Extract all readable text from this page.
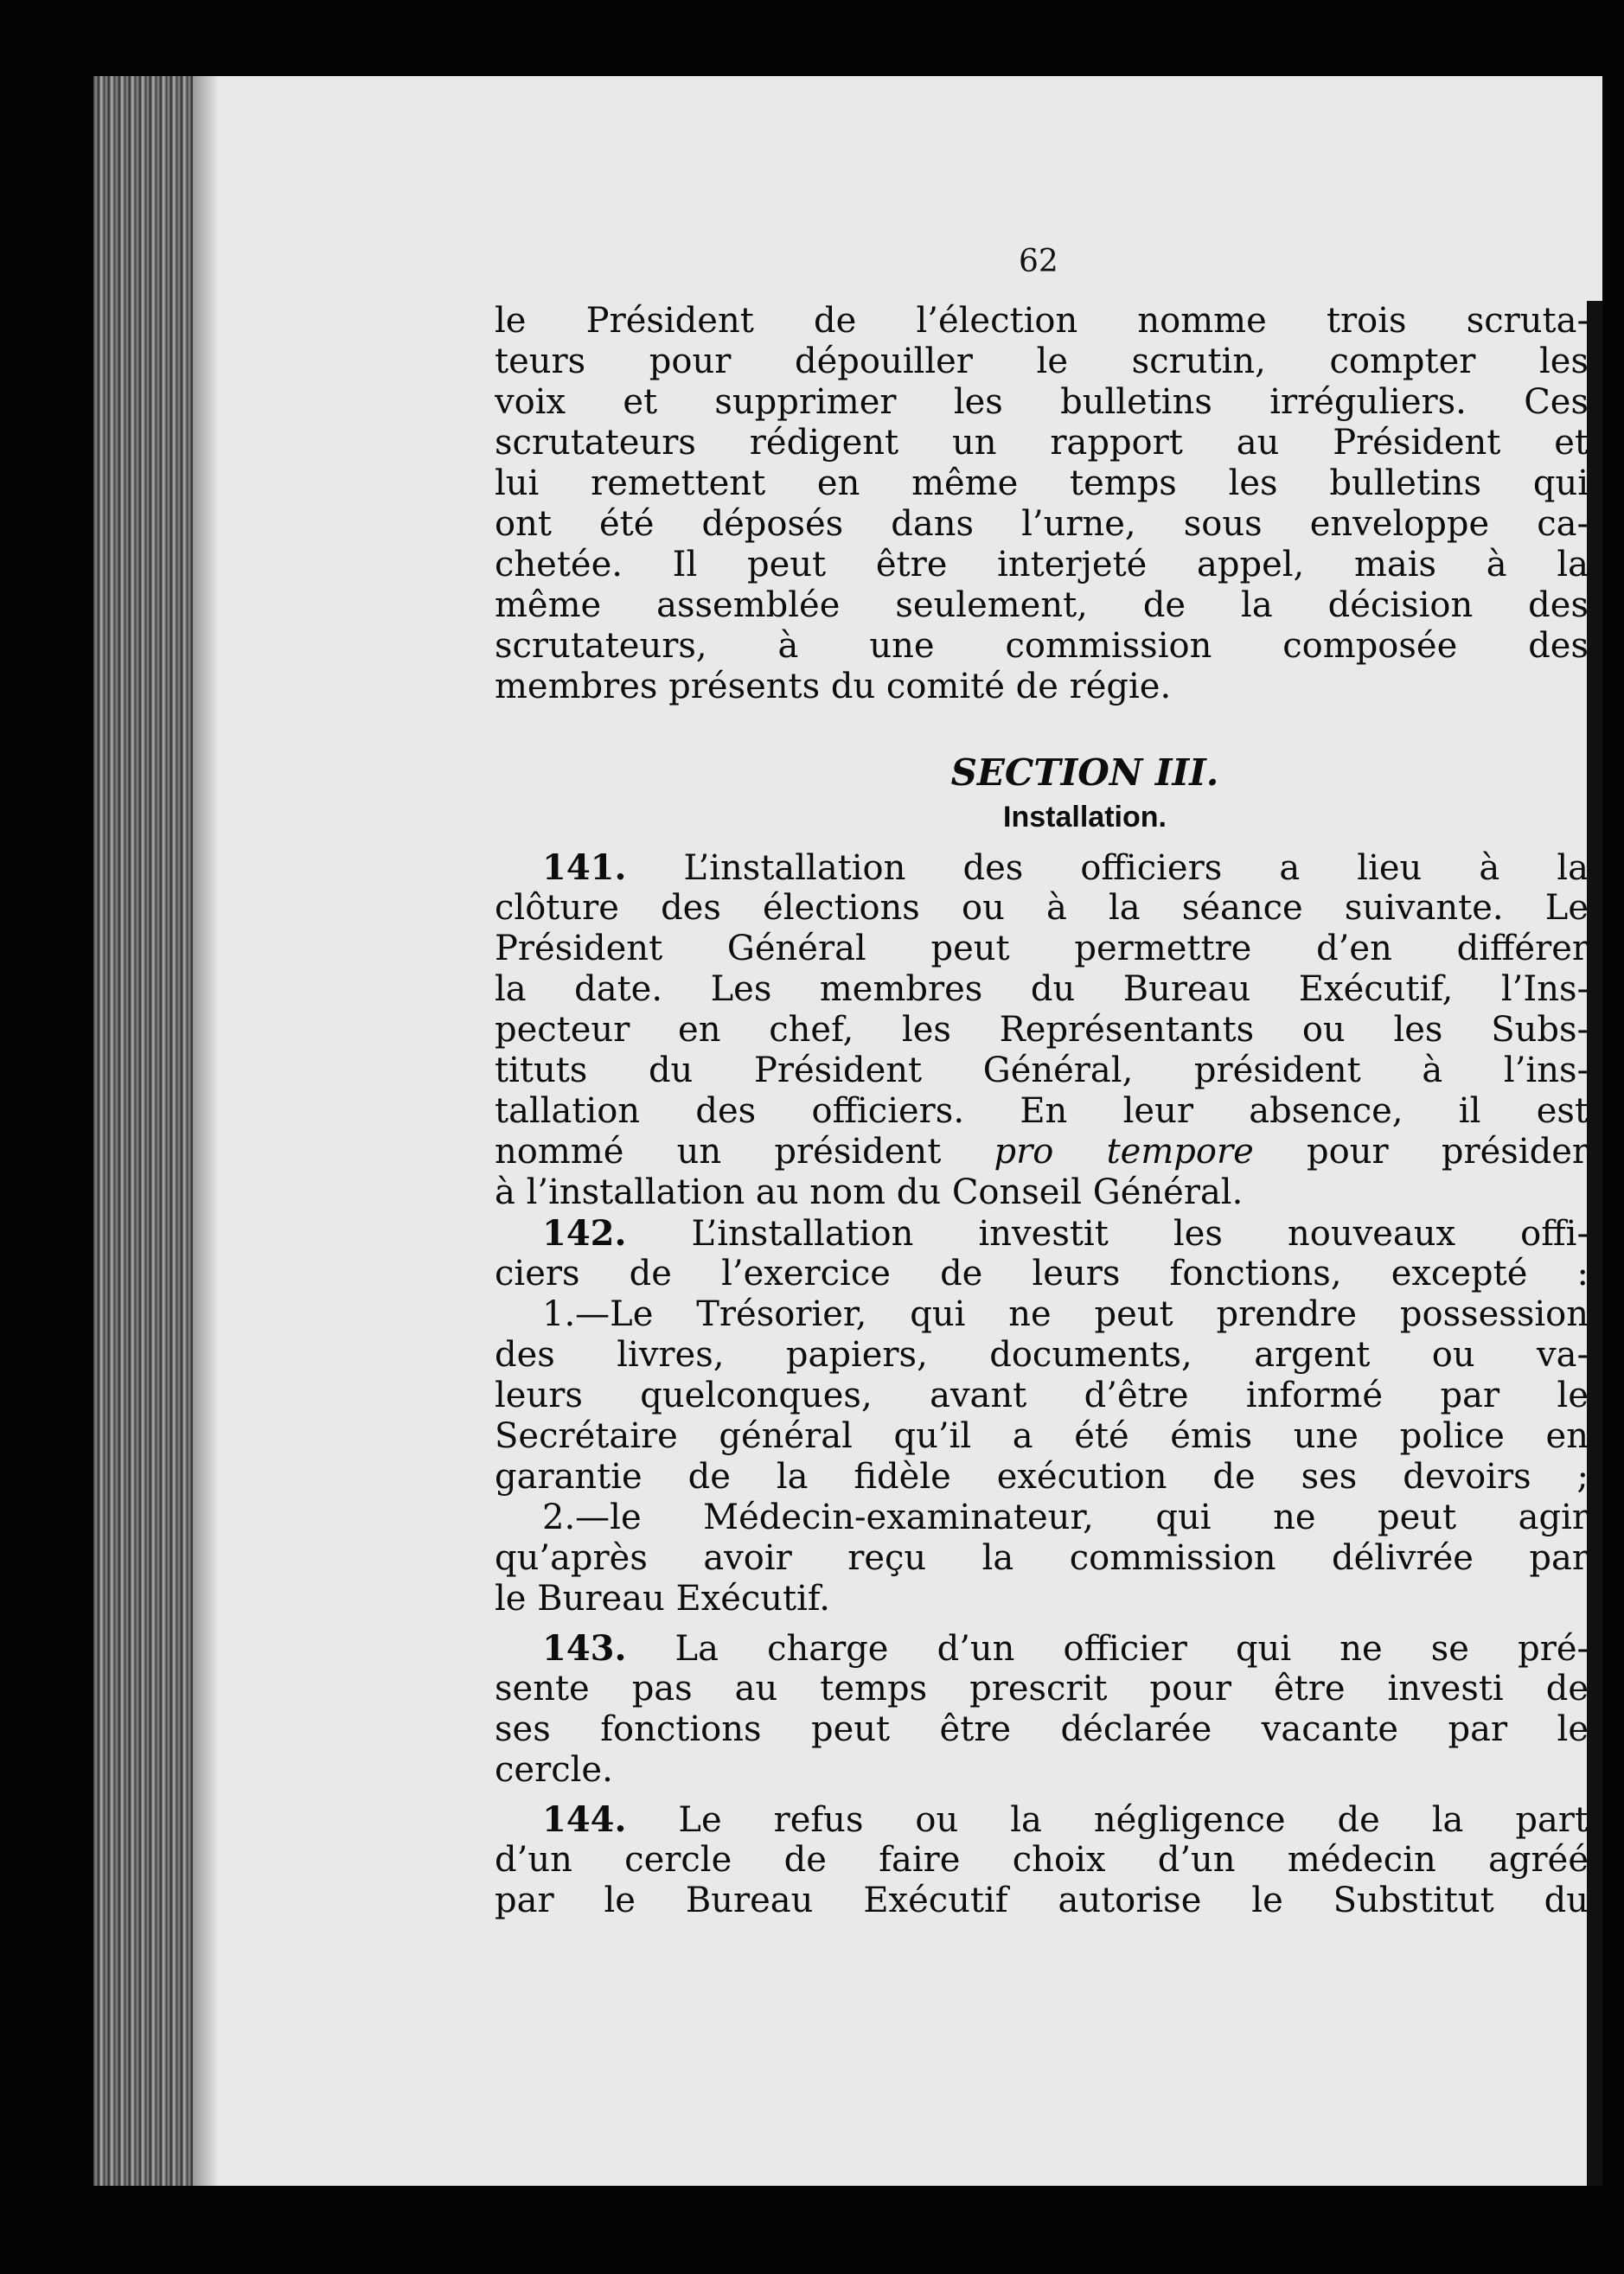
62
le Président de l’élection nomme trois scruta-
teurs pour dépouiller le scrutin, compter les
voix et supprimer les bulletins irréguliers. Ces
scrutateurs rédigent un rapport au Président et
lui remettent en même temps les bulletins qui
ont été déposés dans l’urne, sous enveloppe ca-
chetée. Il peut être interjeté appel, mais à la
même assemblée seulement, de la décision des
scrutateurs, à une commission composée des
membres présents du comité de régie.
SECTION III.
Installation.
141. L’installation des officiers a lieu à la
clôture des élections ou à la séance suivante. Le
Président Général peut permettre d’en différer
la date. Les membres du Bureau Exécutif, l’Ins-
pecteur en chef, les Représentants ou les Subs-
tituts du Président Général, président à l’ins-
tallation des officiers. En leur absence, il est
nommé un président pro tempore pour présider
à l’installation au nom du Conseil Général.
142. L’installation investit les nouveaux offi-
ciers de l’exercice de leurs fonctions, excepté :
1.—Le Trésorier, qui ne peut prendre possession
des livres, papiers, documents, argent ou va-
leurs quelconques, avant d’être informé par le
Secrétaire général qu’il a été émis une police en
garantie de la fidèle exécution de ses devoirs ;
2.—le Médecin-examinateur, qui ne peut agir
qu’après avoir reçu la commission délivrée par
le Bureau Exécutif.
143. La charge d’un officier qui ne se pré-
sente pas au temps prescrit pour être investi de
ses fonctions peut être déclarée vacante par le
cercle.
144. Le refus ou la négligence de la part
d’un cercle de faire choix d’un médecin agréé
par le Bureau Exécutif autorise le Substitut du
